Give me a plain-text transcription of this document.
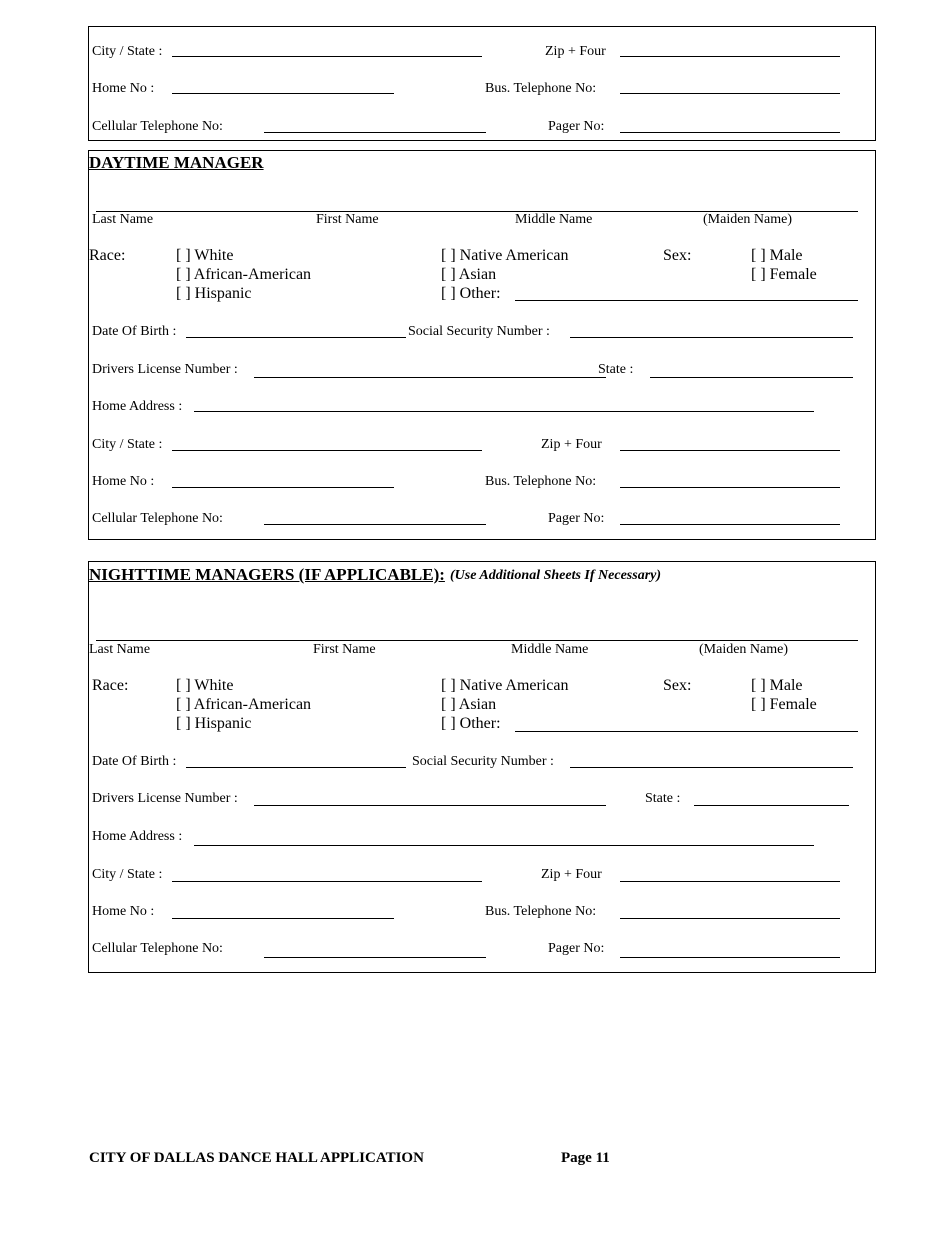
City / State :	Zip + Four
Home No :	Bus. Telephone No:
Cellular Telephone No:	Pager No:
DAYTIME MANAGER
Last Name	First Name	Middle Name	(Maiden Name)
Race:	[ ] White
[ ] African-American
[ ] Hispanic
[ ] Native American
[ ] Asian
[ ] Other:
Sex:	[ ] Male
[ ] Female
Date Of Birth :	Social Security Number :
Drivers License Number :	State :
Home Address :
City / State :	Zip + Four
Home No :	Bus. Telephone No:
Cellular Telephone No:	Pager No:
NIGHTTIME MANAGERS (IF APPLICABLE): (Use Additional Sheets If Necessary)
Last Name	First Name	Middle Name	(Maiden Name)
Race:	[ ] White
[ ] African-American
[ ] Hispanic
[ ] Native American
[ ] Asian
[ ] Other:
Sex:	[ ] Male
[ ] Female
Date Of Birth :	Social Security Number :
Drivers License Number :	State :
Home Address :
City / State :	Zip + Four
Home No :	Bus. Telephone No:
Cellular Telephone No:	Pager No:
CITY OF DALLAS DANCE HALL APPLICATION	Page 11
